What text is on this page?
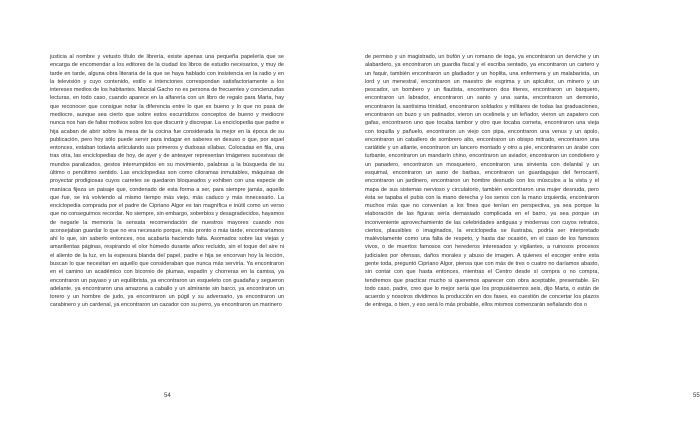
justicia al nombre y vetusto título de librería, existe apenas una pequeña papelería que se encarga de encomendar a los editores de la ciudad los libros de estudio necesarios, y muy de tarde en tarde, alguna obra literaria de la que se haya hablado con insistencia en la radio y en la televisión y cuyo contenido, estilo e intenciones correspondan satisfactoriamente a los intereses medios de los habitantes. Marcial Gacho no es persona de frecuentes y concienzudas lecturas, en todo caso, cuando aparece en la alfarería con un libro de regalo para Marta, hay que reconocer que consigue notar la diferencia entre lo que es bueno y lo que no pasa de mediocre, aunque sea cierto que sobre estos escurridizos conceptos de bueno y mediocre nunca nos han de faltar motivos sobre los que discurrir y discrepar. La enciclopedia que padre e hija acaban de abrir sobre la mesa de la cocina fue considerada la mejor en la época de su publicación, pero hoy sólo puede servir para indagar en saberes en desuso o que, por aquel entonces, estaban todavía articulando sus primeros y dudosas sílabas. Colocadas en fila, una tras otra, las enciclopedias de hoy, de ayer y de anteayer representan imágenes sucesivas de mundos paralizados, gestos interrumpidos en su movimiento, palabras a la búsqueda de su último o penúltimo sentido. Las enciclopedias son como ciloramas inmutables, máquinas de proyectar prodigiosas cuyos carretes se quedaron bloqueados y exhiben con una especie de maníaca fijeza un paisaje que, condenado de esta forma a ser, para siempre jamás, aquello que fue, se irá volviendo al mismo tiempo más viejo, más caduco y más innecesario. La enciclopedia comprada por el padre de Cipriano Algor es tan magnífica e inútil como un verso que no conseguimos recordar. No siempre, sin embargo, soberbios y desagradecidos, hayamos de negarle la memoria la sensata recomendación de nuestros mayores cuando nos aconsejaban guardar lo que no era necesario porque, más pronto o más tarde, encontraríamos ahí lo que, sin saberlo entonces, nos acabaría haciendo falta. Asomados sobre las viejas y amarillentas páginas, respirando el olor húmedo durante años recluido, sin el toque del aire ni el aliento de la luz, en la espesura blanda del papel, padre e hija se encorvan hoy la lección, buscan lo que necesitan en aquello que consideraban que nunca más serviría. Ya encontraron en el camino un académico con bicornio de plumas, espadín y chorreras en la camisa, ya encontraron un payaso y un equilibrista, ya encontraron un esqueleto con guadaña y segueron adelante, ya encontraron una amazona a caballo y un almirante sin barco, ya encontraron un torero y un hombre de judo, ya encontraron un púgil y su adversario, ya encontraron un carabinero y un cardenal, ya encontraron un cazador con su perro, ya encontraron un marinero

54

de permiso y un magistrado, un bufón y un romano de toga, ya encontraron un derviche y un alabardero, ya encontraron un guardia fiscal y el escriba sentado, ya encontraron un cartero y un faquir, también encontraron un gladiador y un hoplita, una enfermera y un malabarista, un lord y un menestral, encontraron un maestro de esgrima y un apicultor, un minero y un pescador, un bombero y un flautista, encontraron dos titeres, encontraron un barquero, encontraron un labrador, encontraron un santo y una santa, encontraron un demonio, encontraron la santísima trinidad, encontraron soldados y militares de todas las graduaciones, encontraron un buzo y un patinador, vieron un ocelinela y un leñador, vieron un zapatero con gafas, encontraron uno que tocaba tambor y otro que tocaba corneta, encontraron una vieja con toquilla y pañuelo, encontraron un viejo con pipa, encontraron una venus y un apolo, encontraron un caballero de sombrero alto, encontraron un obispo mitrado, encontraron una cariátide y un atlante, encontraron un lancero montado y otro a pie, encontraron un árabe con turbante, encontraron un mandarín chino, encontraron un aviador, encontraron un condotiero y un panadero, encontraron un mosquetero, encontraron una sirvienta con delantal y un esquimal, encontraron un asno de barbas, encontraron un guardagujas del ferrocarril, encontraron un jardinero, encontraron un hombre desnudo con los músculos a la vista y el mapa de sus sistemas nervioso y circulatorio, también encontraron una mujer desnuda, pero ésta se tapaba el pubis con la mano derecha y los senos con la mano izquierda, encontraron muchos más que no convenían a los fines que tenían en perspectiva, ya sea porque la elaboración de las figuras sería demasiado complicada en el barro, ya sea porque un inconveniente aprovechamiento de las celebridades antiguas y modernas con cuyos retratos, ciertos, plausibles o imaginados, la enciclopedia se ilustraba, podría ser interpretado malévolamente como una falta de respeto, y hasta dar ocasión, en el caso de los famosos vivos, o de muertos famosos con herederos interesados y vigilantes, a ruinosos procesos judiciales por ofensas, daños morales y abuso de imagen. A quienes el escoger entre esta gente toda, preguntó Cipriano Algor, piensa que con más de tres o cuatro no daríamos abasto, sin contar con que hasta entonces, mientras el Centro desde sí compra o no compra, tendremos que practicar mucho si queremos aparecer con obra aceptable, presentable. En todo caso, padre, creo que lo mejor sería que los propusiésemos seis, dijo Marta, o están de acuerdo y nosotros dividimos la producción en dos fases, es cuestión de concertar los plazos de entrega, o bien, y eso será lo más probable, ellos mismos comenzarán señalando dos o

55
